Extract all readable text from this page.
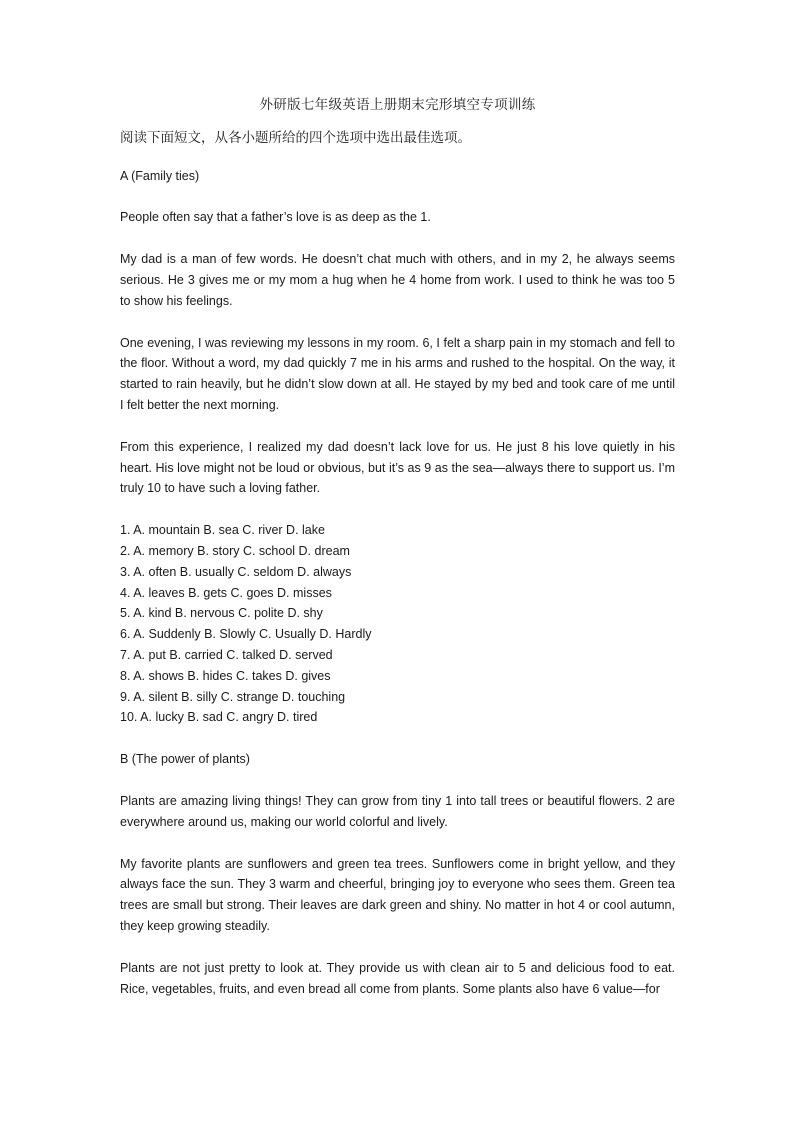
外研版七年级英语上册期末完形填空专项训练
阅读下面短文，从各小题所给的四个选项中选出最佳选项。

A (Family ties)

People often say that a father’s love is as deep as the 1.

My dad is a man of few words. He doesn’t chat much with others, and in my 2, he always seems serious. He 3 gives me or my mom a hug when he 4 home from work. I used to think he was too 5 to show his feelings.

One evening, I was reviewing my lessons in my room. 6, I felt a sharp pain in my stomach and fell to the floor. Without a word, my dad quickly 7 me in his arms and rushed to the hospital. On the way, it started to rain heavily, but he didn’t slow down at all. He stayed by my bed and took care of me until I felt better the next morning.

From this experience, I realized my dad doesn’t lack love for us. He just 8 his love quietly in his heart. His love might not be loud or obvious, but it’s as 9 as the sea—always there to support us. I’m truly 10 to have such a loving father.

1. A. mountain B. sea C. river D. lake
2. A. memory B. story C. school D. dream
3. A. often B. usually C. seldom D. always
4. A. leaves B. gets C. goes D. misses
5. A. kind B. nervous C. polite D. shy
6. A. Suddenly B. Slowly C. Usually D. Hardly
7. A. put B. carried C. talked D. served
8. A. shows B. hides C. takes D. gives
9. A. silent B. silly C. strange D. touching
10. A. lucky B. sad C. angry D. tired

B (The power of plants)

Plants are amazing living things! They can grow from tiny 1 into tall trees or beautiful flowers. 2 are everywhere around us, making our world colorful and lively.

My favorite plants are sunflowers and green tea trees. Sunflowers come in bright yellow, and they always face the sun. They 3 warm and cheerful, bringing joy to everyone who sees them. Green tea trees are small but strong. Their leaves are dark green and shiny. No matter in hot 4 or cool autumn, they keep growing steadily.

Plants are not just pretty to look at. They provide us with clean air to 5 and delicious food to eat. Rice, vegetables, fruits, and even bread all come from plants. Some plants also have 6 value—for
